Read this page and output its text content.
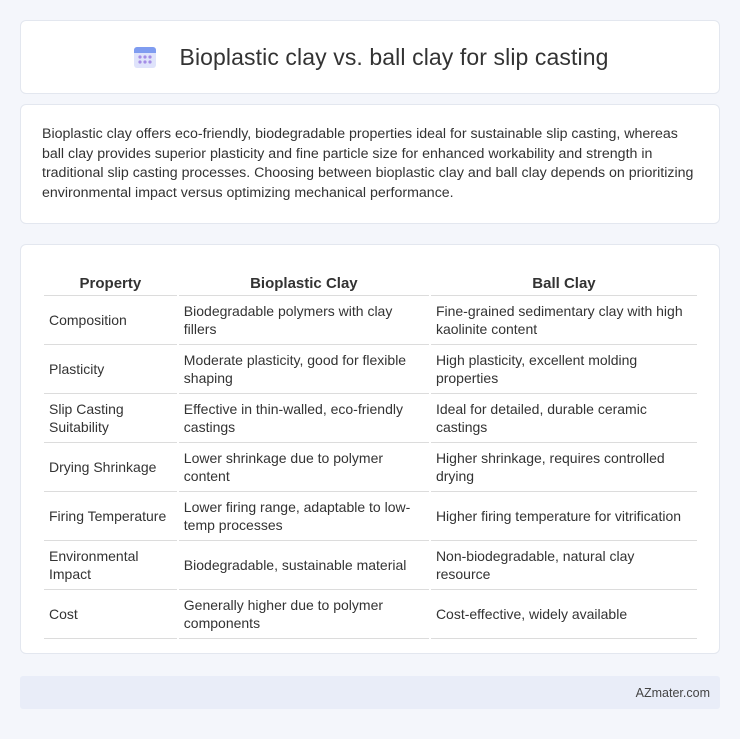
Bioplastic clay vs. ball clay for slip casting

Bioplastic clay offers eco-friendly, biodegradable properties ideal for sustainable slip casting, whereas ball clay provides superior plasticity and fine particle size for enhanced workability and strength in traditional slip casting processes. Choosing between bioplastic clay and ball clay depends on prioritizing environmental impact versus optimizing mechanical performance.

Property	Bioplastic Clay	Ball Clay
Composition	Biodegradable polymers with clay fillers	Fine-grained sedimentary clay with high kaolinite content
Plasticity	Moderate plasticity, good for flexible shaping	High plasticity, excellent molding properties
Slip Casting Suitability	Effective in thin-walled, eco-friendly castings	Ideal for detailed, durable ceramic castings
Drying Shrinkage	Lower shrinkage due to polymer content	Higher shrinkage, requires controlled drying
Firing Temperature	Lower firing range, adaptable to low-temp processes	Higher firing temperature for vitrification
Environmental Impact	Biodegradable, sustainable material	Non-biodegradable, natural clay resource
Cost	Generally higher due to polymer components	Cost-effective, widely available
AZmater.com
